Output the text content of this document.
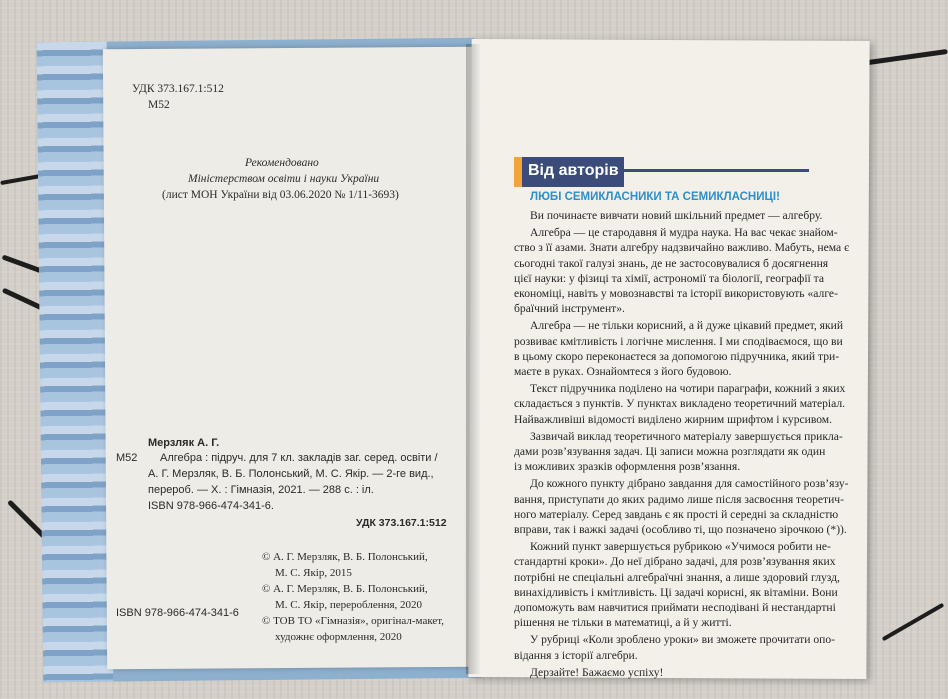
УДК 373.167.1:512
М52
Рекомендовано
Міністерством освіти і науки України
(лист МОН України від 03.06.2020 № 1/11-3693)
Мерзляк А. Г.
М52 Алгебра : підруч. для 7 кл. закладів заг. серед. освіти /
А. Г. Мерзляк, В. Б. Полонський, М. С. Якір. — 2-ге вид.,
перероб. — Х. : Гімназія, 2021. — 288 с. : іл.
ISBN 978-966-474-341-6.
УДК 373.167.1:512
© А. Г. Мерзляк, В. Б. Полонський,
М. С. Якір, 2015
© А. Г. Мерзляк, В. Б. Полонський,
М. С. Якір, перероблення, 2020
© ТОВ ТО «Гімназія», оригінал-макет,
художнє оформлення, 2020
ISBN 978-966-474-341-6
Від авторів
ЛЮБІ СЕМИКЛАСНИКИ ТА СЕМИКЛАСНИЦІ!
Ви починаєте вивчати новий шкільний предмет — алгебру.
Алгебра — це стародавня й мудра наука. На вас чекає знайом-
ство з її азами. Знати алгебру надзвичайно важливо. Мабуть, нема є
сьогодні такої галузі знань, де не застосовувалися б досягнення
цієї науки: у фізиці та хімії, астрономії та біології, географії та
економіці, навіть у мовознавстві та історії використовують «алге-
браїчний інструмент».
Алгебра — не тільки корисний, а й дуже цікавий предмет, який
розвиває кмітливість і логічне мислення. І ми сподіваємося, що ви
в цьому скоро переконаєтеся за допомогою підручника, який три-
маєте в руках. Ознайомтеся з його будовою.
Текст підручника поділено на чотири параграфи, кожний з яких
складається з пунктів. У пунктах викладено теоретичний матеріал.
Найважливіші відомості виділено жирним шрифтом і курсивом.
Зазвичай виклад теоретичного матеріалу завершується прикла-
дами розв’язування задач. Ці записи можна розглядати як один
із можливих зразків оформлення розв’язання.
До кожного пункту дібрано завдання для самостійного розв’язу-
вання, приступати до яких радимо лише після засвоєння теоретич-
ного матеріалу. Серед завдань є як прості й середні за складністю
вправи, так і важкі задачі (особливо ті, що позначено зірочкою (*)).
Кожний пункт завершується рубрикою «Учимося робити не-
стандартні кроки». До неї дібрано задачі, для розв’язування яких
потрібні не спеціальні алгебраїчні знання, а лише здоровий глузд,
винахідливість і кмітливість. Ці задачі корисні, як вітаміни. Вони
допоможуть вам навчитися приймати несподівані й нестандартні
рішення не тільки в математиці, а й у житті.
У рубриці «Коли зроблено уроки» ви зможете прочитати опо-
відання з історії алгебри.
Дерзайте! Бажаємо успіху!
